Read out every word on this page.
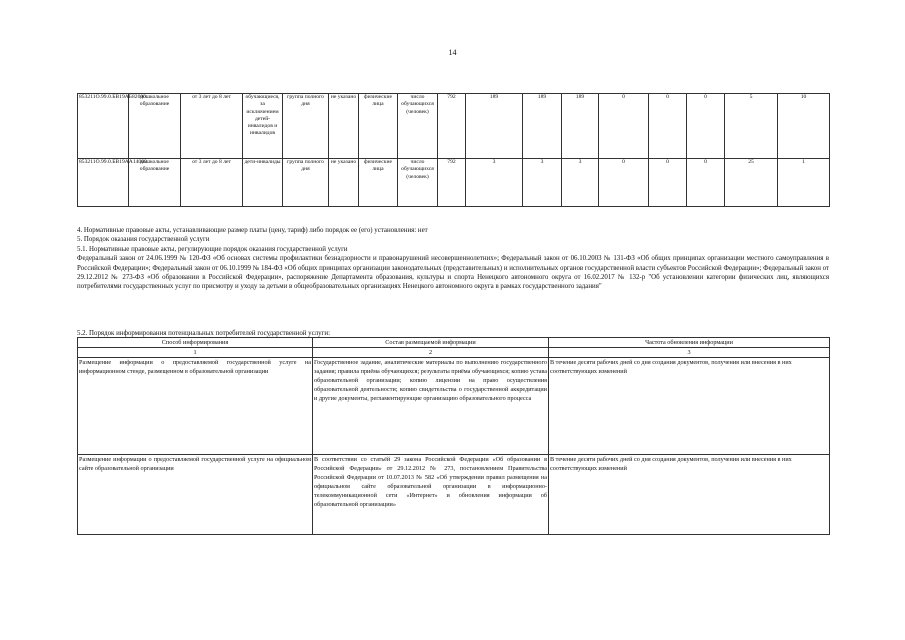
14
853211О.99.0.БВ19АБ82000	дошкольное образование	от 3 лет до 8 лет	обучающиеся, за исключением детей-инвалидов и инвалидов	группа полного дня	не указано	физические лица	число обучающихся (человек)	792	189	189	189	0	0	0	5	10
853211О.99.0.БВ19АА14000	дошкольное образование	от 3 лет до 8 лет	дети-инвалиды	группа полного дня	не указано	физические лица	число обучающихся (человек)	792	3	3	3	0	0	0	25	1

4. Нормативные правовые акты, устанавливающие размер платы (цену, тариф) либо порядок ее (его) установления: нет

5. Порядок оказания государственной услуги

5.1. Нормативные правовые акты, регулирующие порядок оказания государственной услуги

Федеральный закон от 24.06.1999 № 120-ФЗ «Об основах системы профилактики безнадзорности и правонарушений несовершеннолетних»; Федеральный закон от 06.10.2003 № 131-ФЗ «Об общих принципах организации местного самоуправления в Российской Федерации»; Федеральный закон от 06.10.1999 № 184-ФЗ «Об общих принципах организации законодательных (представительных) и исполнительных органов государственной власти субъектов Российской Федерации»; Федеральный закон от 29.12.2012 № 273-ФЗ «Об образовании в Российской Федерации», распоряжение Департамента образования, культуры и спорта Ненецкого автономного округа от 16.02.2017 № 132-р "Об установлении категории физических лиц, являющихся потребителями государственных услуг по присмотру и уходу за детьми в общеобразовательных организациях Ненецкого автономного округа в рамках государственного задания"

5.2. Порядок информирования потенциальных потребителей государственной услуги:
Способ информирования	Состав размещаемой информации	Частота обновления информации
1	2	3
Размещение информации о предоставляемой государственной услуге на информационном стенде, размещенном в образовательной организации	Государственное задание, аналитические материалы по выполнению государственного задания; правила приёма обучающихся; результаты приёма обучающихся; копию устава образовательной организации; копию лицензии на право осуществления образовательной деятельности; копию свидетельства о государственной аккредитации и другие документы, регламентирующие организацию образовательного процесса	В течение десяти рабочих дней со дня создания документов, получения или внесения в них соответствующих изменений
Размещение информации о предоставляемой государственной услуге на официальном сайте образовательной организации	В соответствии со статьёй 29 закона Российской Федерации «Об образовании в Российской Федерации» от 29.12.2012 № 273, постановлением Правительства Российской Федерации от 10.07.2013 № 582 «Об утверждении правил размещения на официальном сайте образовательной организации в информационно-телекоммуникационной сети «Интернет» и обновления информации об образовательной организации»	В течение десяти рабочих дней со дня создания документов, получения или внесения в них соответствующих изменений
